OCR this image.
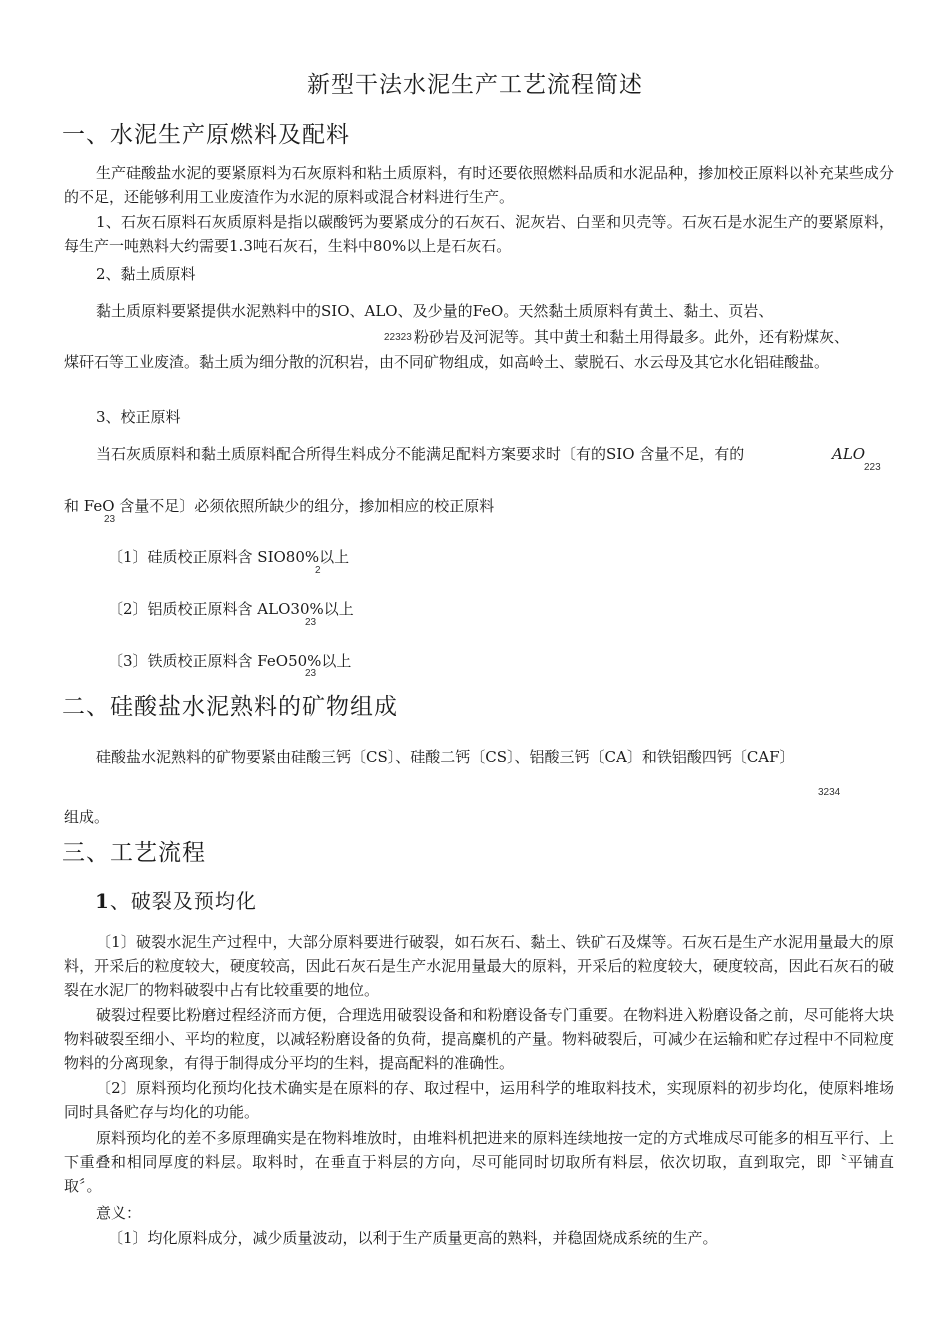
新型干法水泥生产工艺流程简述
一、水泥生产原燃料及配料
生产硅酸盐水泥的要紧原料为石灰原料和粘土质原料，有时还要依照燃料品质和水泥品种，掺加校正原料以补充某些成分的不足，还能够利用工业废渣作为水泥的原料或混合材料进行生产。
1、石灰石原料石灰质原料是指以碳酸钙为要紧成分的石灰石、泥灰岩、白垩和贝壳等。石灰石是水泥生产的要紧原料，每生产一吨熟料大约需要1.3吨石灰石，生料中80%以上是石灰石。
2、黏土质原料
黏土质原料要紧提供水泥熟料中的SIO、ALO、及少量的FeO。天然黏土质原料有黄土、黏土、页岩、
22323 粉砂岩及河泥等。其中黄土和黏土用得最多。此外，还有粉煤灰、
煤矸石等工业废渣。黏土质为细分散的沉积岩，由不同矿物组成，如高岭土、蒙脱石、水云母及其它水化铝硅酸盐。
3、校正原料
当石灰质原料和黏土质原料配合所得生料成分不能满足配料方案要求时〔有的SIO 含量不足，有的	ALO
223
和 FeO 含量不足〕必须依照所缺少的组分，掺加相应的校正原料
23
〔1〕硅质校正原料含 SIO80%以上
2
〔2〕铝质校正原料含 ALO30%以上
23
〔3〕铁质校正原料含 FeO50%以上
23
二、硅酸盐水泥熟料的矿物组成
硅酸盐水泥熟料的矿物要紧由硅酸三钙〔CS〕、硅酸二钙〔CS〕、铝酸三钙〔CA〕和铁铝酸四钙〔CAF〕
3234
组成。
三、工艺流程
1、破裂及预均化
〔1〕破裂水泥生产过程中，大部分原料要进行破裂，如石灰石、黏土、铁矿石及煤等。石灰石是生产水泥用量最大的原料，开采后的粒度较大，硬度较高，因此石灰石是生产水泥用量最大的原料，开采后的粒度较大，硬度较高，因此石灰石的破裂在水泥厂的物料破裂中占有比较重要的地位。
破裂过程要比粉磨过程经济而方便，合理选用破裂设备和和粉磨设备专门重要。在物料进入粉磨设备之前，尽可能将大块物料破裂至细小、平均的粒度，以减轻粉磨设备的负荷，提高麋机的产量。物料破裂后，可减少在运输和贮存过程中不同粒度物料的分离现象，有得于制得成分平均的生料，提高配料的准确性。
〔2〕原料预均化预均化技术确实是在原料的存、取过程中，运用科学的堆取料技术，实现原料的初步均化，使原料堆场同时具备贮存与均化的功能。
原料预均化的差不多原理确实是在物料堆放时，由堆料机把进来的原料连续地按一定的方式堆成尽可能多的相互平行、上下重叠和相同厚度的料层。取料时，在垂直于料层的方向，尽可能同时切取所有料层，依次切取，直到取完，即〝平铺直取〞。
意义：
〔1〕均化原料成分，减少质量波动，以利于生产质量更高的熟料，并稳固烧成系统的生产。
